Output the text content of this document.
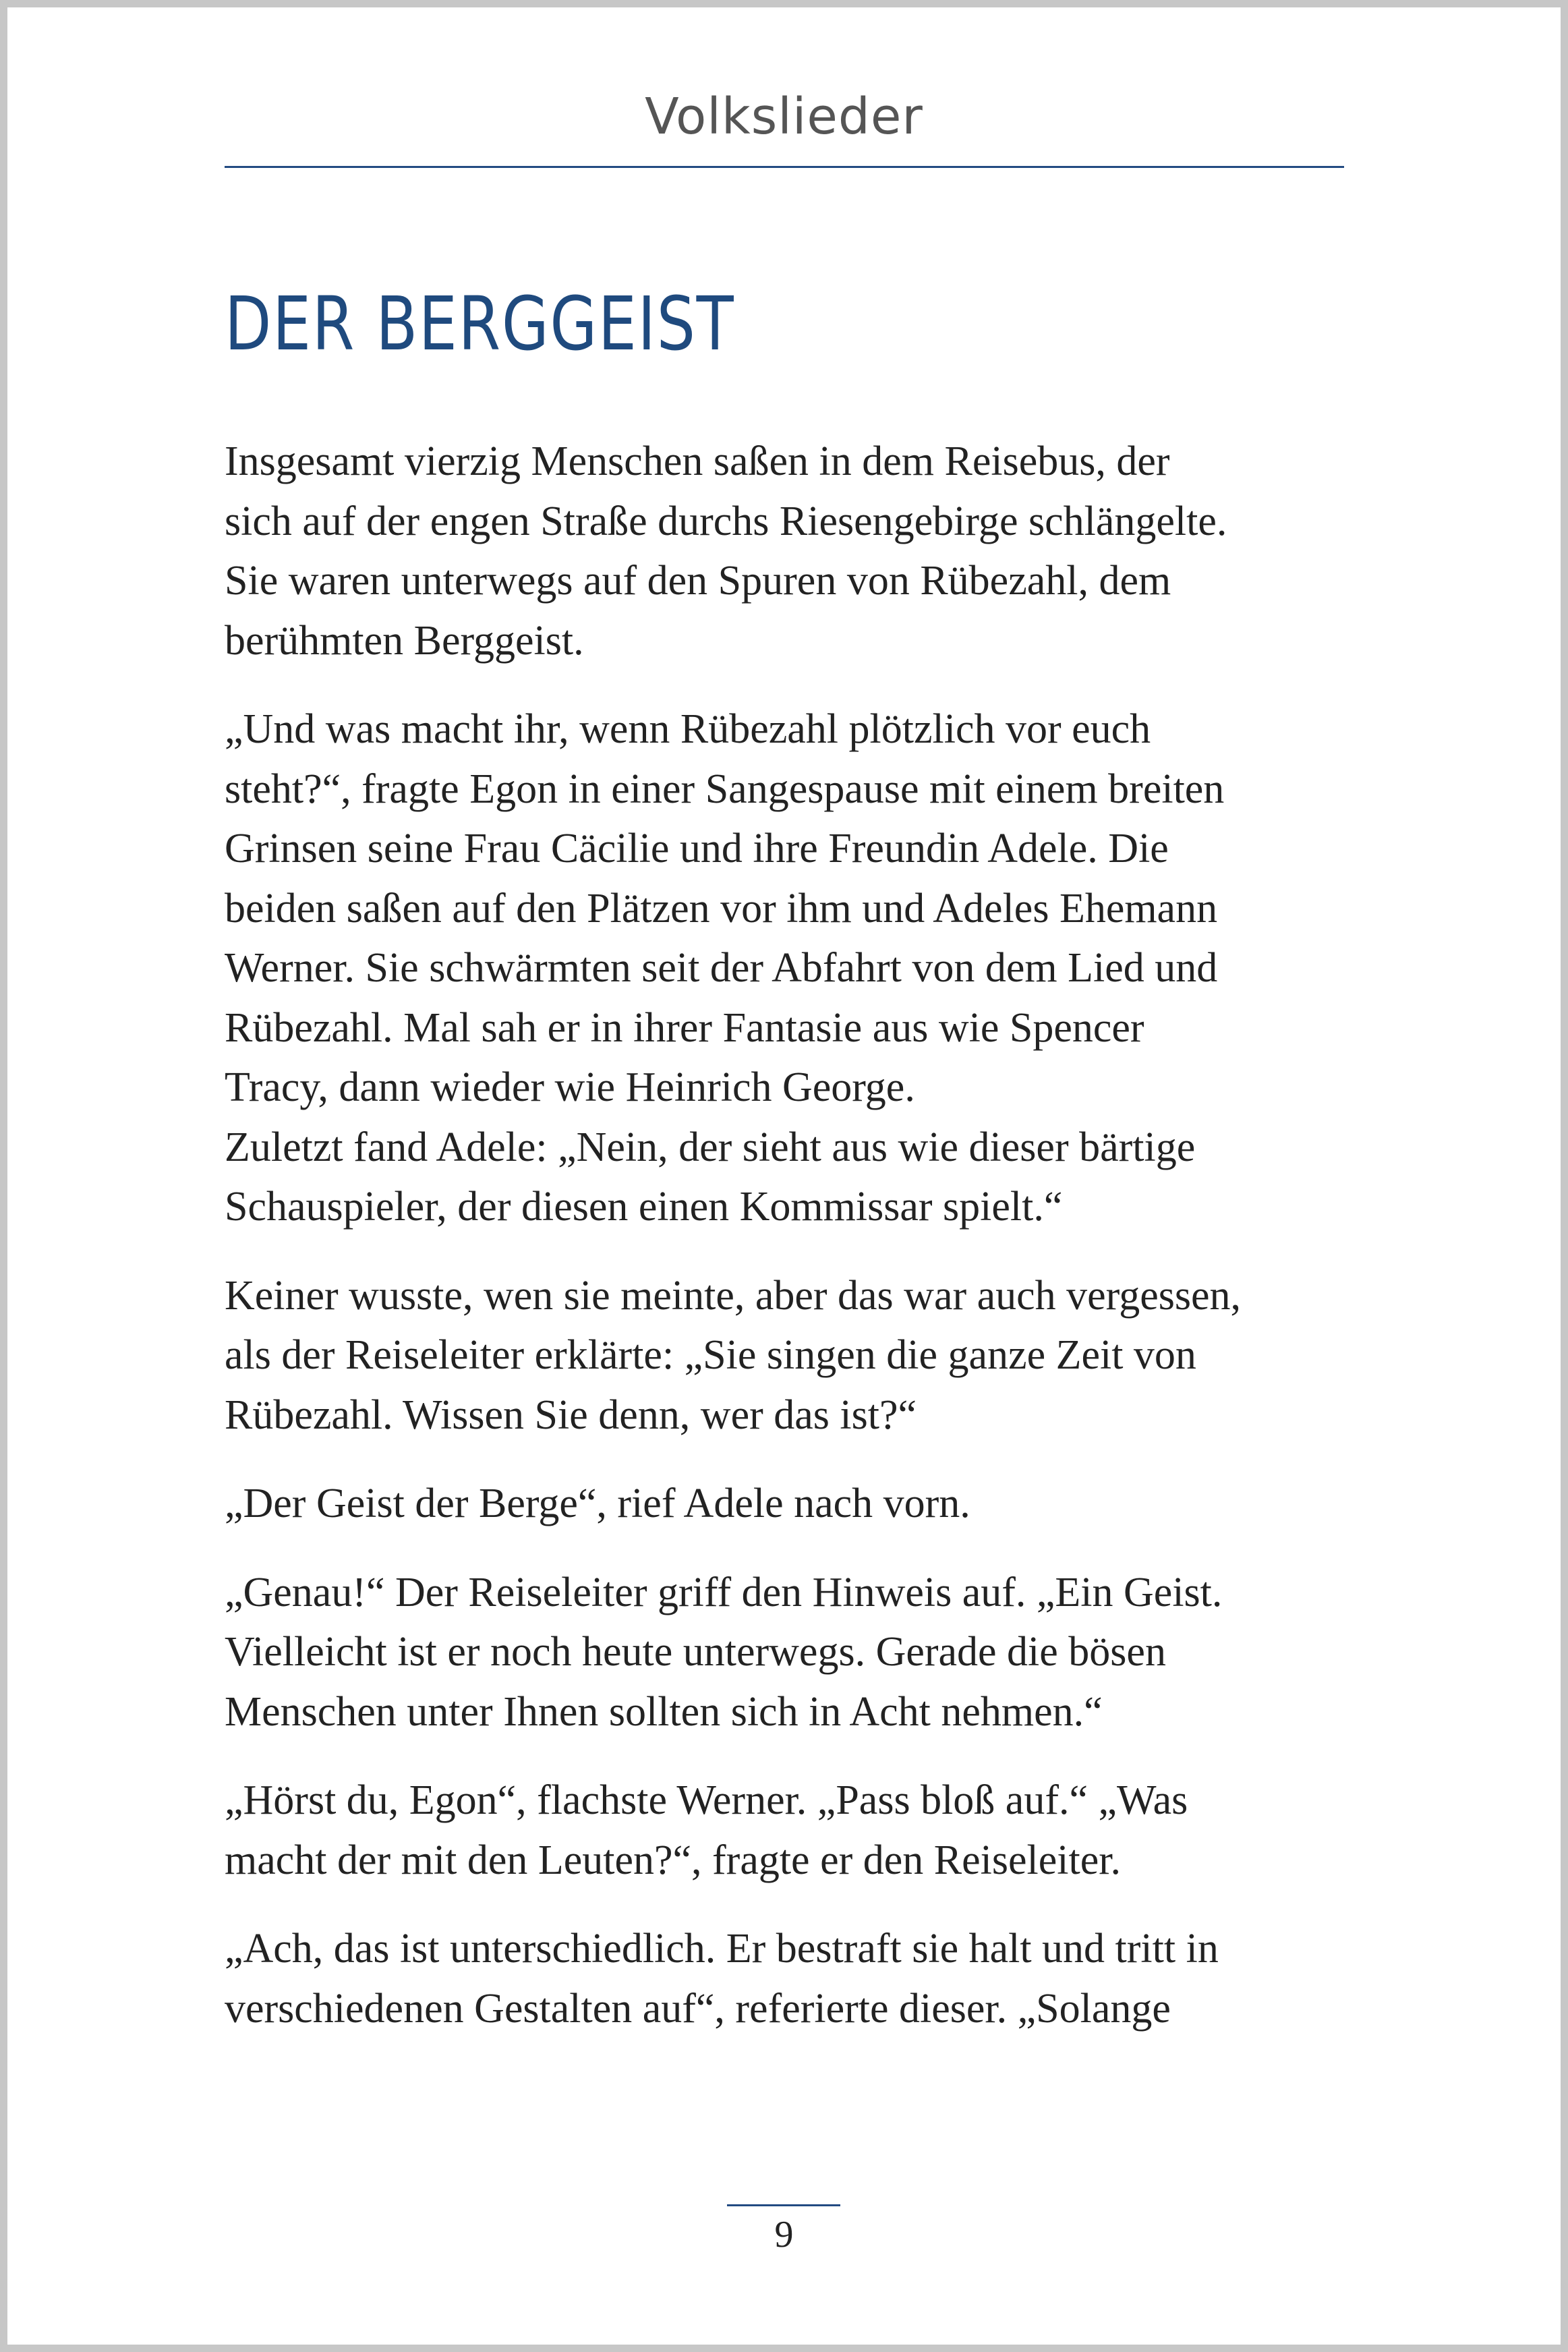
Volkslieder
DER BERGGEIST
Insgesamt vierzig Menschen saßen in dem Reisebus, der
sich auf der engen Straße durchs Riesengebirge schlängelte.
Sie waren unterwegs auf den Spuren von Rübezahl, dem
berühmten Berggeist.
„Und was macht ihr, wenn Rübezahl plötzlich vor euch
steht?“, fragte Egon in einer Sangespause mit einem breiten
Grinsen seine Frau Cäcilie und ihre Freundin Adele. Die
beiden saßen auf den Plätzen vor ihm und Adeles Ehemann
Werner. Sie schwärmten seit der Abfahrt von dem Lied und
Rübezahl. Mal sah er in ihrer Fantasie aus wie Spencer
Tracy, dann wieder wie Heinrich George.
Zuletzt fand Adele: „Nein, der sieht aus wie dieser bärtige
Schauspieler, der diesen einen Kommissar spielt.“
Keiner wusste, wen sie meinte, aber das war auch vergessen,
als der Reiseleiter erklärte: „Sie singen die ganze Zeit von
Rübezahl. Wissen Sie denn, wer das ist?“
„Der Geist der Berge“, rief Adele nach vorn.
„Genau!“ Der Reiseleiter griff den Hinweis auf. „Ein Geist.
Vielleicht ist er noch heute unterwegs. Gerade die bösen
Menschen unter Ihnen sollten sich in Acht nehmen.“
„Hörst du, Egon“, flachste Werner. „Pass bloß auf.“ „Was
macht der mit den Leuten?“, fragte er den Reiseleiter.
„Ach, das ist unterschiedlich. Er bestraft sie halt und tritt in
verschiedenen Gestalten auf“, referierte dieser. „Solange
9
